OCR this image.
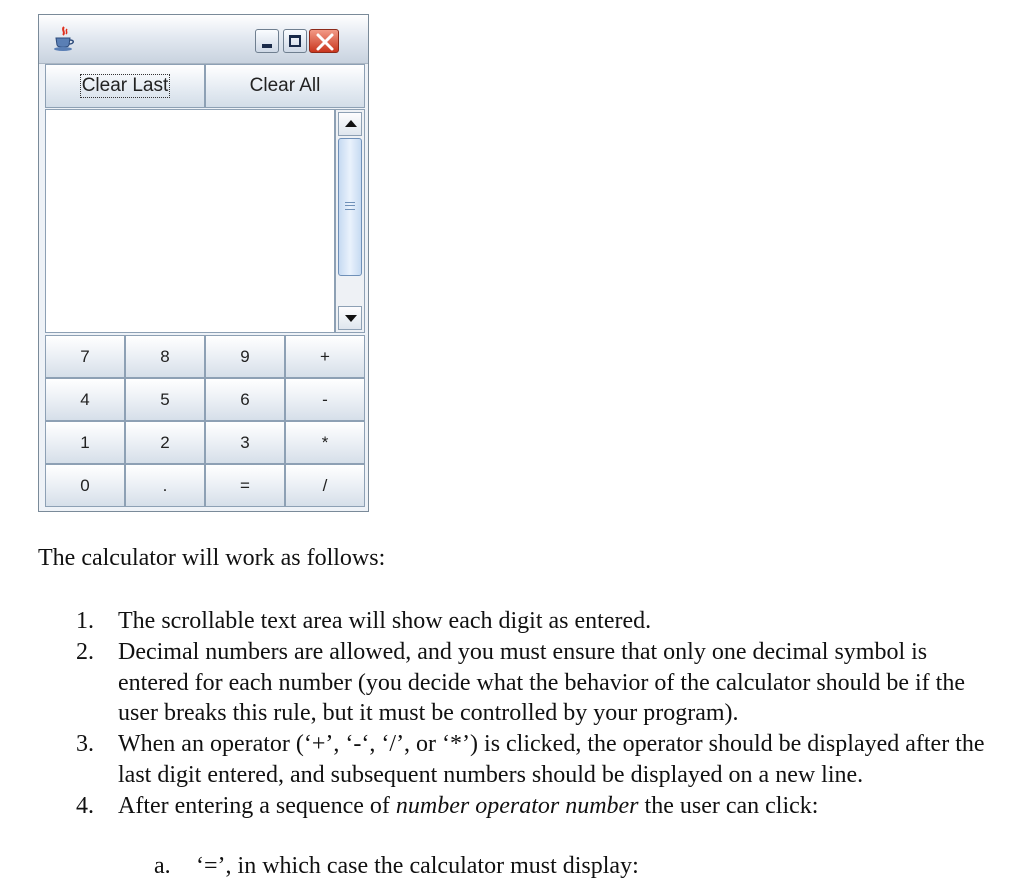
Clear Last	Clear All
7	8	9	+
4	5	6	-
1	2	3	*
0	.	=	/
The calculator will work as follows:
1. The scrollable text area will show each digit as entered.
2. Decimal numbers are allowed, and you must ensure that only one decimal symbol is entered for each number (you decide what the behavior of the calculator should be if the user breaks this rule, but it must be controlled by your program).
3. When an operator (‘+’, ‘-‘, ‘/’, or ‘*’) is clicked, the operator should be displayed after the last digit entered, and subsequent numbers should be displayed on a new line.
4. After entering a sequence of number operator number the user can click:
a. ‘=’, in which case the calculator must display:
